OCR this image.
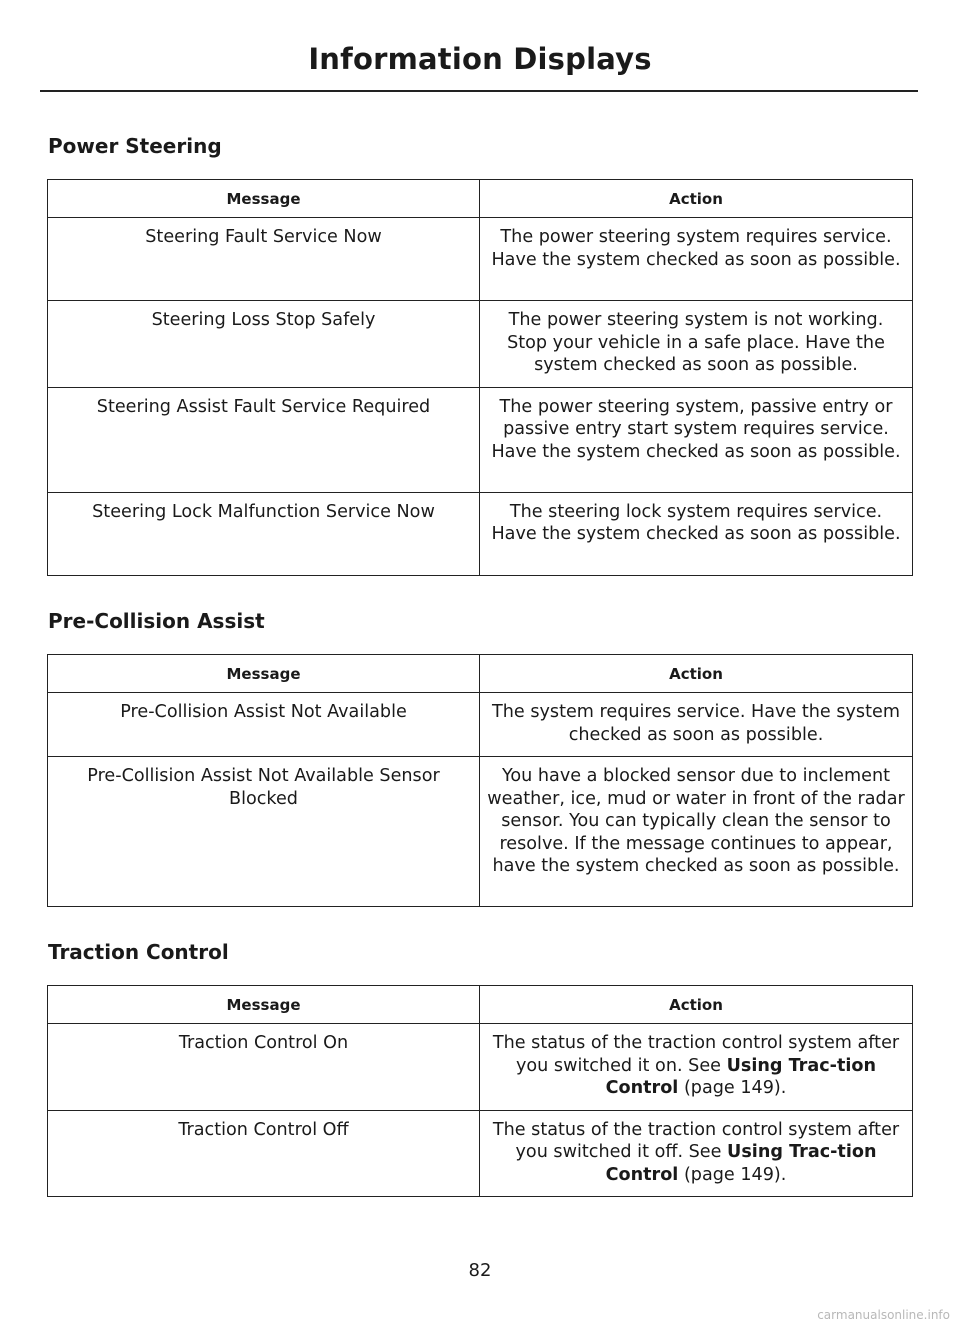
Information Displays
Power Steering
Message	Action
Steering Fault Service Now	The power steering system requires service. Have the system checked as soon as possible.
Steering Loss Stop Safely	The power steering system is not working. Stop your vehicle in a safe place. Have the system checked as soon as possible.
Steering Assist Fault Service Required	The power steering system, passive entry or passive entry start system requires service. Have the system checked as soon as possible.
Steering Lock Malfunction Service Now	The steering lock system requires service. Have the system checked as soon as possible.
Pre-Collision Assist
Message	Action
Pre-Collision Assist Not Available	The system requires service. Have the system checked as soon as possible.
Pre-Collision Assist Not Available Sensor Blocked	You have a blocked sensor due to inclement weather, ice, mud or water in front of the radar sensor. You can typically clean the sensor to resolve. If the message continues to appear, have the system checked as soon as possible.
Traction Control
Message	Action
Traction Control On	The status of the traction control system after you switched it on. See Using Trac-tion Control (page 149).
Traction Control Off	The status of the traction control system after you switched it off. See Using Trac-tion Control (page 149).
82
carmanualsonline.info
